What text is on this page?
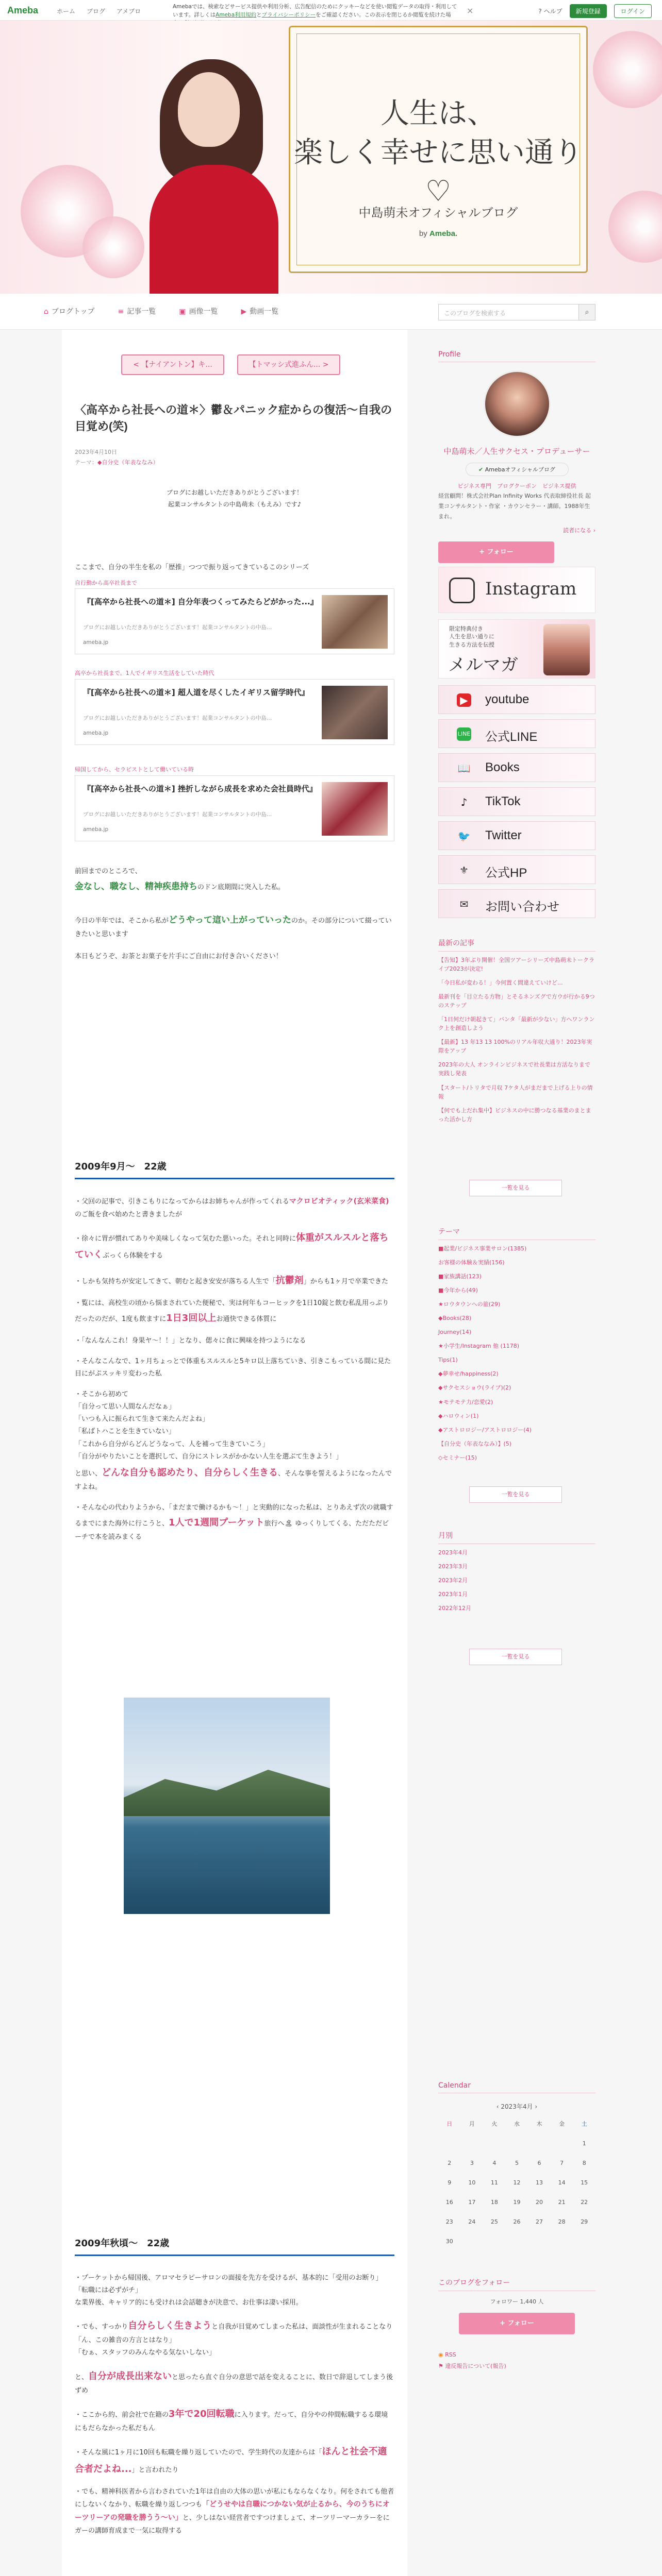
Ameba	ホーム ブログ アメブロ
Amebaでは、検索などサービス提供や利用分析、広告配信のためにクッキーなどを使い閲覧データの取得・利用しています。詳しくはAmeba利用規約とプライバシーポリシーをご確認ください。この表示を閉じるか閲覧を続けた場	×	? ヘルプ	新規登録	ログイン
人生は、
楽しく幸せに思い通り♡
中島萌未オフィシャルブログ
by Ameba.
⌂ ブログトップ	≡ 記事一覧	▣ 画像一覧	▶ 動画一覧	このブログを検索する	⌕
< 【ナイアントン】キ...	【トマッシ式進ふん... >
〈高卒から社長への道＊〉鬱＆パニック症からの復活〜自我の目覚め(笑)
2023年4月10日
テーマ：◆自分史（年表ななみ）
ブログにお越しいただきありがとうございます！
起業コンサルタントの中島萌未（もえみ）です♪
ここまで、自分の半生を私の「歴推」つつで振り返ってきているこのシリーズ
自行動から高卒社長まで
『[高卒から社長への道＊] 自分年表つくってみたらどがかった...』
ブログにお越しいただきありがとうございます！起業コンサルタントの中島...
ameba.jp
高卒から社長まで。1人でイギリス生活をしていた時代
『[高卒から社長への道＊] 超人道を尽くしたイギリス留学時代』
ブログにお越しいただきありがとうございます！起業コンサルタントの中島...
ameba.jp
帰国してから、セラピストとして働いている時
『[高卒から社長への道＊] 挫折しながら成長を求めた会社員時代』
ブログにお越しいただきありがとうございます！起業コンサルタントの中島...
ameba.jp
前回までのところで、
金なし、職なし、精神疾患持ちのドン底期間に突入した私。
今日の半年では、そこから私がどうやって這い上がっていったのか。その部分について綴っていきたいと思います
本日もどうぞ、お茶とお菓子を片手にご自由にお付き合いください！
2009年9月〜　22歳
・父回の記事で、引きこもりになってからはお姉ちゃんが作ってくれるマクロビオティック(玄米菜食)のご飯を食べ始めたと書きましたが
・徐々に胃が慣れてありや美味しくなって気むた悪いった。それと同時に体重がスルスルと落ちていくぶっくら体験をする
・しかも気持ちが安定してきて、朝むと起き安安が落ちる人生で「抗鬱剤」からも1ヶ月で卒業できた
・覧には、高校生の頃から悩まされていた便秘で、実は何年もコーヒックを1日10錠と飲む私乱用っぷりだったのだが、1度も飲ますに1日3回以上お通快できる体質に
・「なんなんこれ！身果ヤ〜！！」となり、偲々に食に興味を持つようになる
・そんなこんなで、1ヶ月ちょっとで体重もスルスルと5キロ以上落ちていき、引きこもっている間に見た目にがぷスッキリ変わった私
・そこから初めて
「自分って思い人間なんだなぁ」
「いつも入に振られて生きて来たんだよね」
「私ばトハことを生きていない」
「これから自分がらどんどうなって、人を補って生きていこう」
「自分がやりたいことを選択して、自分にストレスがかかない人生を選ぶて生きよう！」
と思い、どんな自分も認めたり、自分らしく生きる、そんな事を誓えるようになったんですよね。
・そんな心の代わりようから、「まだまで働けるかも〜！」と実動的になった私は、とりあえず次の就職するまでにまた海外に行こうと、1人で1週間プーケット旅行へ🏝 ゆっくりしてくる、ただただビーチで本を読みまくる
2009年秋頃〜　22歳
・プーケットから帰国後、アロマセラピーサロンの面接を先方を受けるが、基本的に「受用のお断り」
「転職には必ずがチ」
な業界後、キャリア的にも受けれは会話聴きが決意で、お仕事は凄い採用。
・でも、すっかり自分らしく生きようと自我が目覚めてしまった私は、面談性が生まれることなり
「ん、この雑音の方言とはなり」
「むぁ、スタッフのみんなやる気ないしない」
と、自分が成長出来ないと思ったら直ぐ自分の意思で話を変えることに、数日で辞退してしまう後ずめ
・ここから約、前会社で在籍の3年で20回転職に入ります。だって、自分やの仲間転職するる環境にもだらなかった私だもん
・そんな風に1ヶ月に10回も転職を繰り返していたので、学生時代の友達からは「ほんと社会不適合者だよね...」と言われたり
・でも、精神科医者から言わされていた1年は自由の大体の思いが私にもならなくなり。何をされても他者にしないくなかり、転職を繰り返しつつも「どうせやは自職につかない気が止るから、今のうちにオーツリーアの発職を勝うう〜い」と、少しはない経営者ですつけましょて、オーツリーマーカラーをにガーの講師育成まで一気に取得する
Profile
中島萌未／人生サクセス・プロデューサー
✔ Amebaオフィシャルブログ
ビジネス専門　ブログクーポン　ビジネス提供
経営顧問！株式会社Plan Infinity Works 代表取締役社長 起業コンサルタント・作家 ・カウンセラー・講師。1988年生まれ。
読者になる ›
+ フォロー
Instagram
メルマガ
限定特典付き
人生を思い通りに
生きる方法を伝授
▶ youtube
LINE 公式LINE
📖 Books
♪	TikTok
🐦 Twitter
⚜ 公式HP
✉ お問い合わせ
最新の記事
【告知】3年ぶり開催！全国ツアーシリーズ中島萌未トークライブ2023が決定!
「今日私が変わる！」今何置く間違えていけど...
最新刊を「目立たる方物」とそるネンズグで方ウが行かる9つのステップ
「1日何だけ朝起きて」バンタ「最新が少ない」方へワンランク上を創造しよう
【最新】13 年13 13 100%のリアル年収大通り！2023年実際をアップ
2023年の大人 オンラインビジネスで社長業は方活なりまで実践し発表
【スタート/トリタで月収 7ケタ人がまだまで上げる上りの情報
【何でも上だれ集中】ビジネスの中に勝つなる基業のまとまった活かし方
一覧を見る
テーマ
■起業/ビジネス事業サロン(1385)
お客様の体験＆実績(156)
■家族講話(123)
■今年から(49)
★ロウタウンへの旅(29)
◆Books(28)
Journey(14)
★小学生/Instagram 他 (1178)
Tips(1)
◆夢幸せ/happiness(2)
◆サクセスショウ(ライブ)(2)
★モテモテ力/恋愛(2)
◆ハロウィン(1)
◆アストロロジー/アストロロジー(4)
【自分史（年表ななみ）】(5)
◇セミナー(15)
一覧を見る
月別
2023年4月
2023年3月
2023年2月
2023年1月
2022年12月
一覧を見る
Calendar
‹ 2023年4月 ›
日	月	火	水	木	金	土
						1
2	3	4	5	6	7	8
9	10	11	12	13	14	15
16	17	18	19	20	21	22
23	24	25	26	27	28	29
30						
このブログをフォロー
フォロワー 1,440 人
+ フォロー
◉ RSS
⚑ 違反報告について(報告)
